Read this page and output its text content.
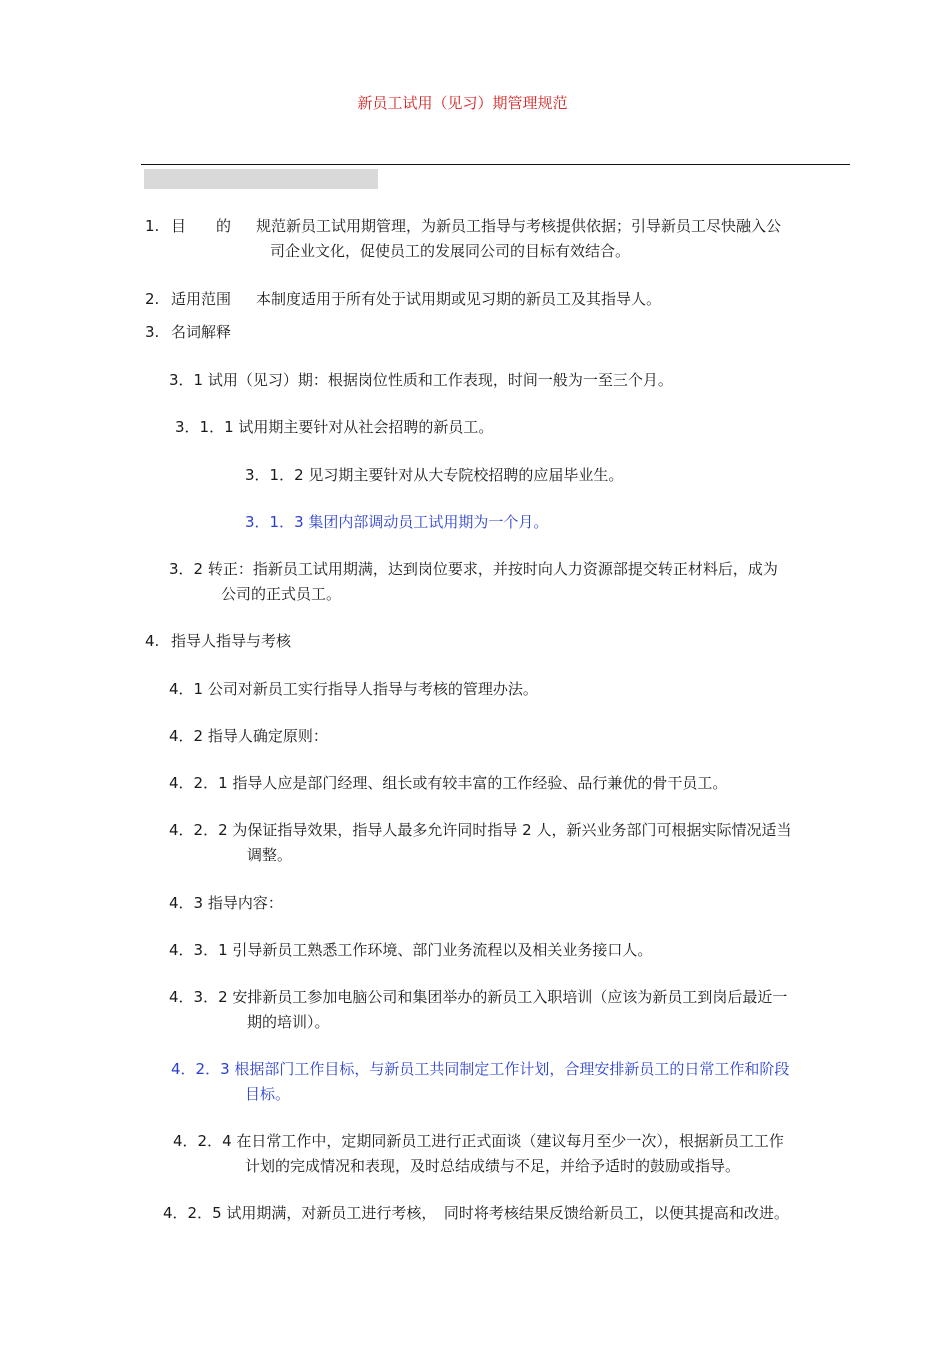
新员工试用（见习）期管理规范
1. 目　　的 规范新员工试用期管理，为新员工指导与考核提供依据；引导新员工尽快融入公
司企业文化，促使员工的发展同公司的目标有效结合。
2. 适用范围 本制度适用于所有处于试用期或见习期的新员工及其指导人。
3. 名词解释
3．1 试用（见习）期：根据岗位性质和工作表现，时间一般为一至三个月。
3．1．1 试用期主要针对从社会招聘的新员工。
3．1．2 见习期主要针对从大专院校招聘的应届毕业生。
3．1．3 集团内部调动员工试用期为一个月。
3．2 转正：指新员工试用期满，达到岗位要求，并按时向人力资源部提交转正材料后，成为
公司的正式员工。
4. 指导人指导与考核
4．1 公司对新员工实行指导人指导与考核的管理办法。
4．2 指导人确定原则：
4．2．1 指导人应是部门经理、组长或有较丰富的工作经验、品行兼优的骨干员工。
4．2．2 为保证指导效果，指导人最多允许同时指导 2 人，新兴业务部门可根据实际情况适当
调整。
4．3 指导内容：
4．3．1 引导新员工熟悉工作环境、部门业务流程以及相关业务接口人。
4．3．2 安排新员工参加电脑公司和集团举办的新员工入职培训（应该为新员工到岗后最近一
期的培训）。
4．2．3 根据部门工作目标，与新员工共同制定工作计划，合理安排新员工的日常工作和阶段
目标。
4．2．4 在日常工作中，定期同新员工进行正式面谈（建议每月至少一次），根据新员工工作
计划的完成情况和表现，及时总结成绩与不足，并给予适时的鼓励或指导。
4．2．5 试用期满，对新员工进行考核，　同时将考核结果反馈给新员工，以便其提高和改进。
